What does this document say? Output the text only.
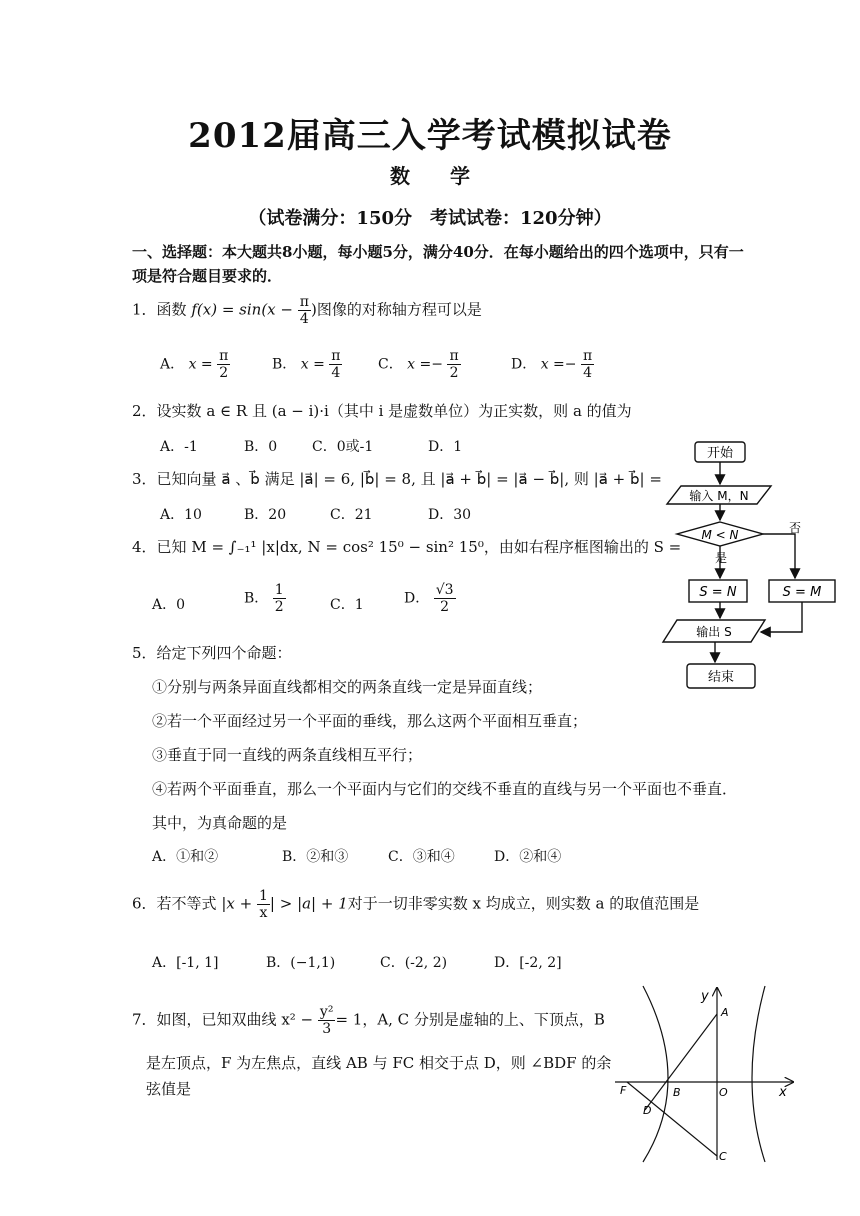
2012届高三入学考试模拟试卷
数学
（试卷满分：150分　考试试卷：120分钟）
一、选择题：本大题共8小题，每小题5分，满分40分．在每小题给出的四个选项中，只有一项是符合题目要求的．
1．函数 $f(x) = \sin(x - \frac{\pi}{4}$ )图像的对称轴方程可以是
A． $x = \frac{\pi}{2}$	B． $x = \frac{\pi}{4}$	C． $x =- \frac{\pi}{2}$	D． $x =- \frac{\pi}{4}$
2．设实数 a ∈ R 且 (a − i)·i（其中 i 是虚数单位）为正实数，则 a 的值为
A．-1	B．0 C．0或-1	D．1
3．已知向量 a⃗ 、b⃗ 满足 |a⃗| = 6, |b⃗| = 8, 且 |a⃗ + b⃗| = |a⃗ − b⃗|, 则 |a⃗ + b⃗| =
A．10	B．20	C．21	D．30
4．已知 M = ∫₋₁¹ |x|dx, N = cos² 15⁰ − sin² 15⁰，由如右程序框图输出的 S =
A．0	B． $\frac{1}{2}$	C．1	D． $\frac{√3}{2}$
5．给定下列四个命题：
①分别与两条异面直线都相交的两条直线一定是异面直线；
②若一个平面经过另一个平面的垂线，那么这两个平面相互垂直；
③垂直于同一直线的两条直线相互平行；
④若两个平面垂直，那么一个平面内与它们的交线不垂直的直线与另一个平面也不垂直．
其中，为真命题的是
A．①和②	B．②和③	C．③和④	D．②和④
6．若不等式 $|x + \frac{1}{x}$ | > |a| + 1对于一切非零实数 x 均成立，则实数 a 的取值范围是
A．[-1, 1]	B．(−1,1)	C．(-2, 2)	D．[-2, 2]
7．如图，已知双曲线 $x^2 - \frac{\text{y²}}{3} = 1$，A, C 分别是虚轴的上、下顶点，B
是左顶点，F 为左焦点，直线 AB 与 FC 相交于点 D，则 ∠BDF 的余
弦值是
开始
输入 M，N
M < N	否
是
S = N	S = M
输出 S
结束
y
x
A
B	O
F
D
C
